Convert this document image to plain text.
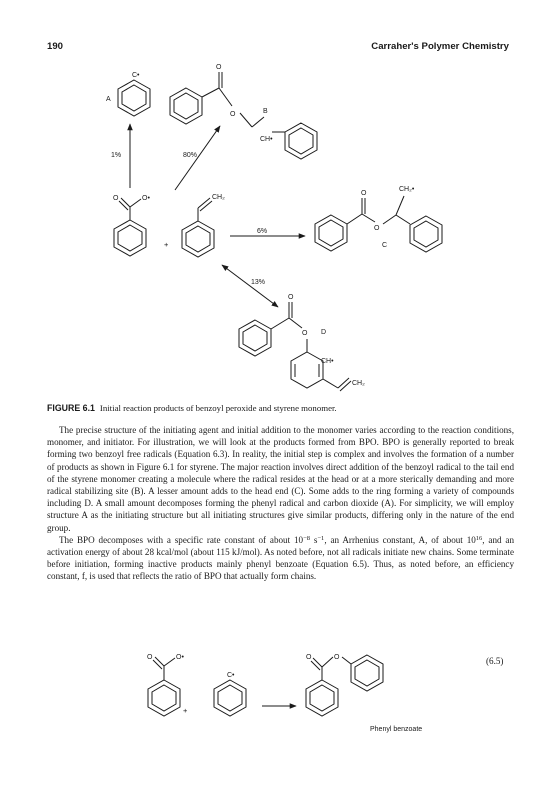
190	Carraher's Polymer Chemistry
C•
A
O
O
CH•
B
1%	80%
O	O•
+
CH₂
6%
O
O
CH₂•
C
13%
O
O D
CH•
CH₂
O	O•
+
C•
O	O
Phenyl benzoate
FIGURE 6.1 Initial reaction products of benzoyl peroxide and styrene monomer.

The precise structure of the initiating agent and initial addition to the monomer varies according to the reaction conditions, monomer, and initiator. For illustration, we will look at the products formed from BPO. BPO is generally reported to break forming two benzoyl free radicals (Equation 6.3). In reality, the initial step is complex and involves the formation of a number of products as shown in Figure 6.1 for styrene. The major reaction involves direct addition of the benzoyl radical to the tail end of the styrene monomer creating a molecule where the radical resides at the head or at a more sterically demanding and more radical stabilizing site (B). A lesser amount adds to the head end (C). Some adds to the ring forming a variety of compounds including D. A small amount decomposes forming the phenyl radical and carbon dioxide (A). For simplicity, we will employ structure A as the initiating structure but all initiating structures give similar products, differing only in the nature of the end group.

The BPO decomposes with a specific rate constant of about $10^{-8}$ $s^{-1}$, an Arrhenius constant, A, of about $10^{16}$, and an activation energy of about 28 kcal/mol (about 115 kJ/mol). As noted before, not all radicals initiate new chains. Some terminate before initiation, forming inactive products mainly phenyl benzoate (Equation 6.5). Thus, as noted before, an efficiency constant, f, is used that reflects the ratio of BPO that actually form chains.

(6.5)
